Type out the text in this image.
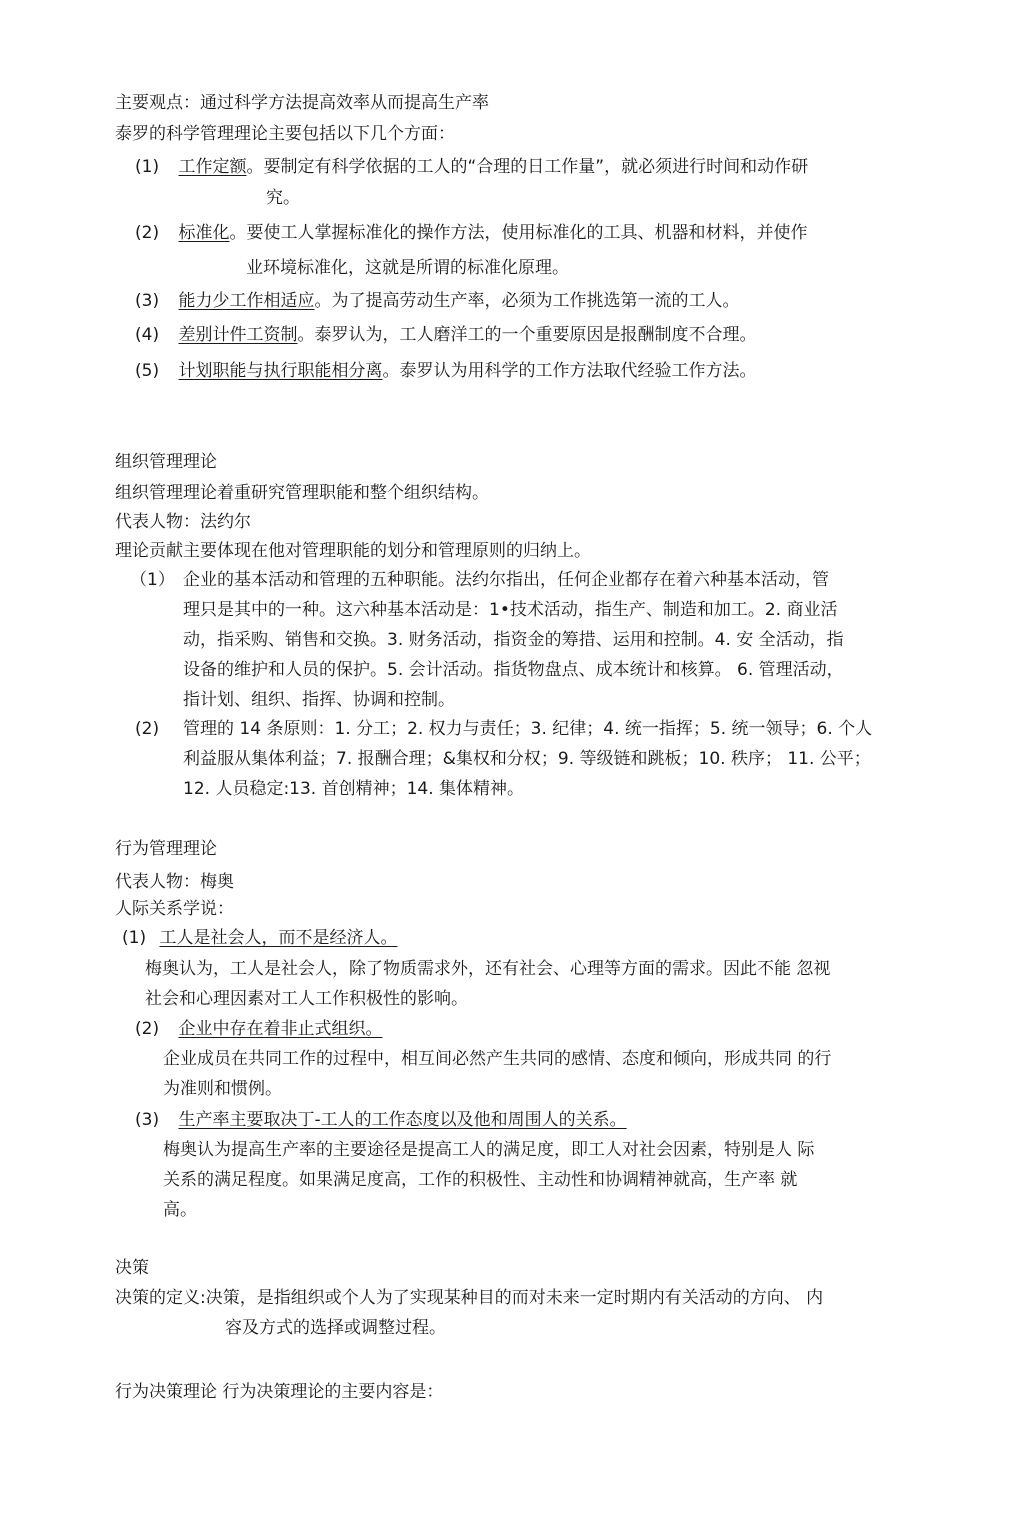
主要观点：通过科学方法提高效率从而提高生产率
泰罗的科学管理理论主要包括以下几个方面：
(1) 工作定额。要制定有科学依据的工人的“合理的日工作量”，就必须进行时间和动作研
究。
(2) 标准化。要使工人掌握标准化的操作方法，使用标准化的工具、机器和材料，并使作
业环境标准化，这就是所谓的标准化原理。
(3) 能力少工作相适应。为了提高劳动生产率，必须为工作挑选第一流的工人。
(4) 差别计件工资制。泰罗认为，工人磨洋工的一个重要原因是报酬制度不合理。
(5) 计划职能与执行职能相分离。泰罗认为用科学的工作方法取代经验工作方法。
组织管理理论
组织管理理论着重研究管理职能和整个组织结构。
代表人物：法约尔
理论贡献主要体现在他对管理职能的划分和管理原则的归纳上。
（1） 企业的基本活动和管理的五种职能。法约尔指出，任何企业都存在着六种基本活动，管
理只是其中的一种。这六种基本活动是：1•技术活动，指生产、制造和加工。2. 商业活
动，指采购、销售和交换。3. 财务活动，指资金的筹措、运用和控制。4. 安 全活动，指
设备的维护和人员的保护。5. 会计活动。指货物盘点、成本统计和核算。 6. 管理活动，
指计划、组织、指挥、协调和控制。
(2) 管理的 14 条原则：1. 分工；2. 权力与责任；3. 纪律；4. 统一指挥；5. 统一领导；6. 个人
利益服从集体利益；7. 报酬合理；&集权和分权；9. 等级链和跳板；10. 秩序； 11. 公平；
12. 人员稳定:13. 首创精神；14. 集体精神。
行为管理理论
代表人物：梅奥
人际关系学说：
(1) 工人是社会人，而不是经济人。
梅奥认为，工人是社会人，除了物质需求外，还有社会、心理等方面的需求。因此不能 忽视
社会和心理因素对工人工作积极性的影响。
(2) 企业中存在着非止式组织。
企业成员在共同工作的过程中，相互间必然产生共同的感情、态度和倾向，形成共同 的行
为准则和惯例。
(3) 生产率主要取决丁-工人的工作态度以及他和周围人的关系。
梅奥认为提高生产率的主要途径是提高工人的满足度，即工人对社会因素，特别是人 际
关系的满足程度。如果满足度高，工作的积极性、主动性和协调精神就高，生产率 就
高。
决策
决策的定义:决策，是指组织或个人为了实现某种目的而对未来一定时期内有关活动的方向、 内
容及方式的选择或调整过程。
行为决策理论 行为决策理论的主要内容是：
